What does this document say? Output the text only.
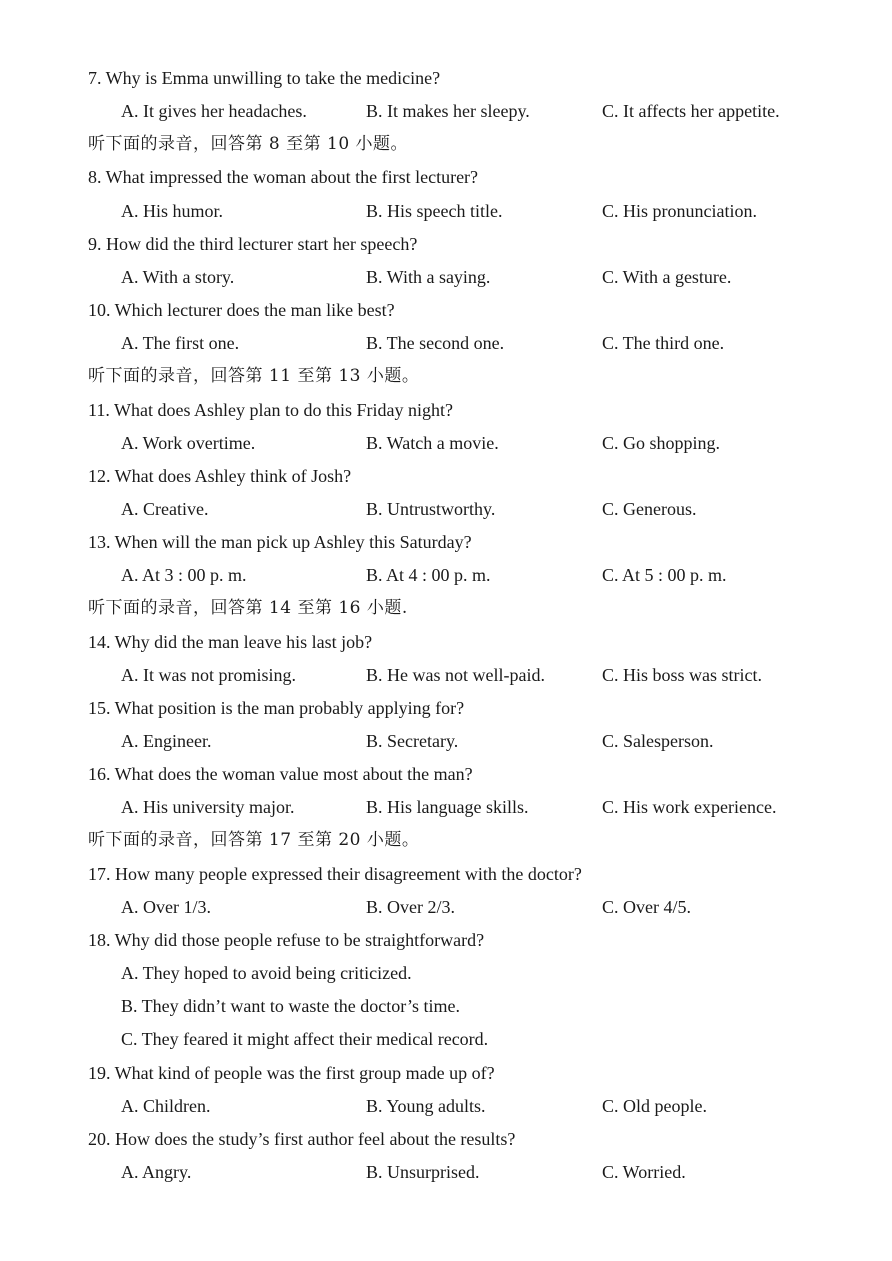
7. Why is Emma unwilling to take the medicine?
A. It gives her headaches.	B. It makes her sleepy.	C. It affects her appetite.
听下面的录音，回答第 8 至第 10 小题。
8. What impressed the woman about the first lecturer?
A. His humor.	B. His speech title.	C. His pronunciation.
9. How did the third lecturer start her speech?
A. With a story.	B. With a saying.	C. With a gesture.
10. Which lecturer does the man like best?
A. The first one.	B. The second one.	C. The third one.
听下面的录音，回答第 11 至第 13 小题。
11. What does Ashley plan to do this Friday night?
A. Work overtime.	B. Watch a movie.	C. Go shopping.
12. What does Ashley think of Josh?
A. Creative.	B. Untrustworthy.	C. Generous.
13. When will the man pick up Ashley this Saturday?
A. At 3 : 00 p. m.	B. At 4 : 00 p. m.	C. At 5 : 00 p. m.
听下面的录音，回答第 14 至第 16 小题.
14. Why did the man leave his last job?
A. It was not promising.	B. He was not well-paid.	C. His boss was strict.
15. What position is the man probably applying for?
A. Engineer.	B. Secretary.	C. Salesperson.
16. What does the woman value most about the man?
A. His university major.	B. His language skills.	C. His work experience.
听下面的录音，回答第 17 至第 20 小题。
17. How many people expressed their disagreement with the doctor?
A. Over 1/3.	B. Over 2/3.	C. Over 4/5.
18. Why did those people refuse to be straightforward?
A. They hoped to avoid being criticized.
B. They didn’t want to waste the doctor’s time.
C. They feared it might affect their medical record.
19. What kind of people was the first group made up of?
A. Children.	B. Young adults.	C. Old people.
20. How does the study’s first author feel about the results?
A. Angry.	B. Unsurprised.	C. Worried.
